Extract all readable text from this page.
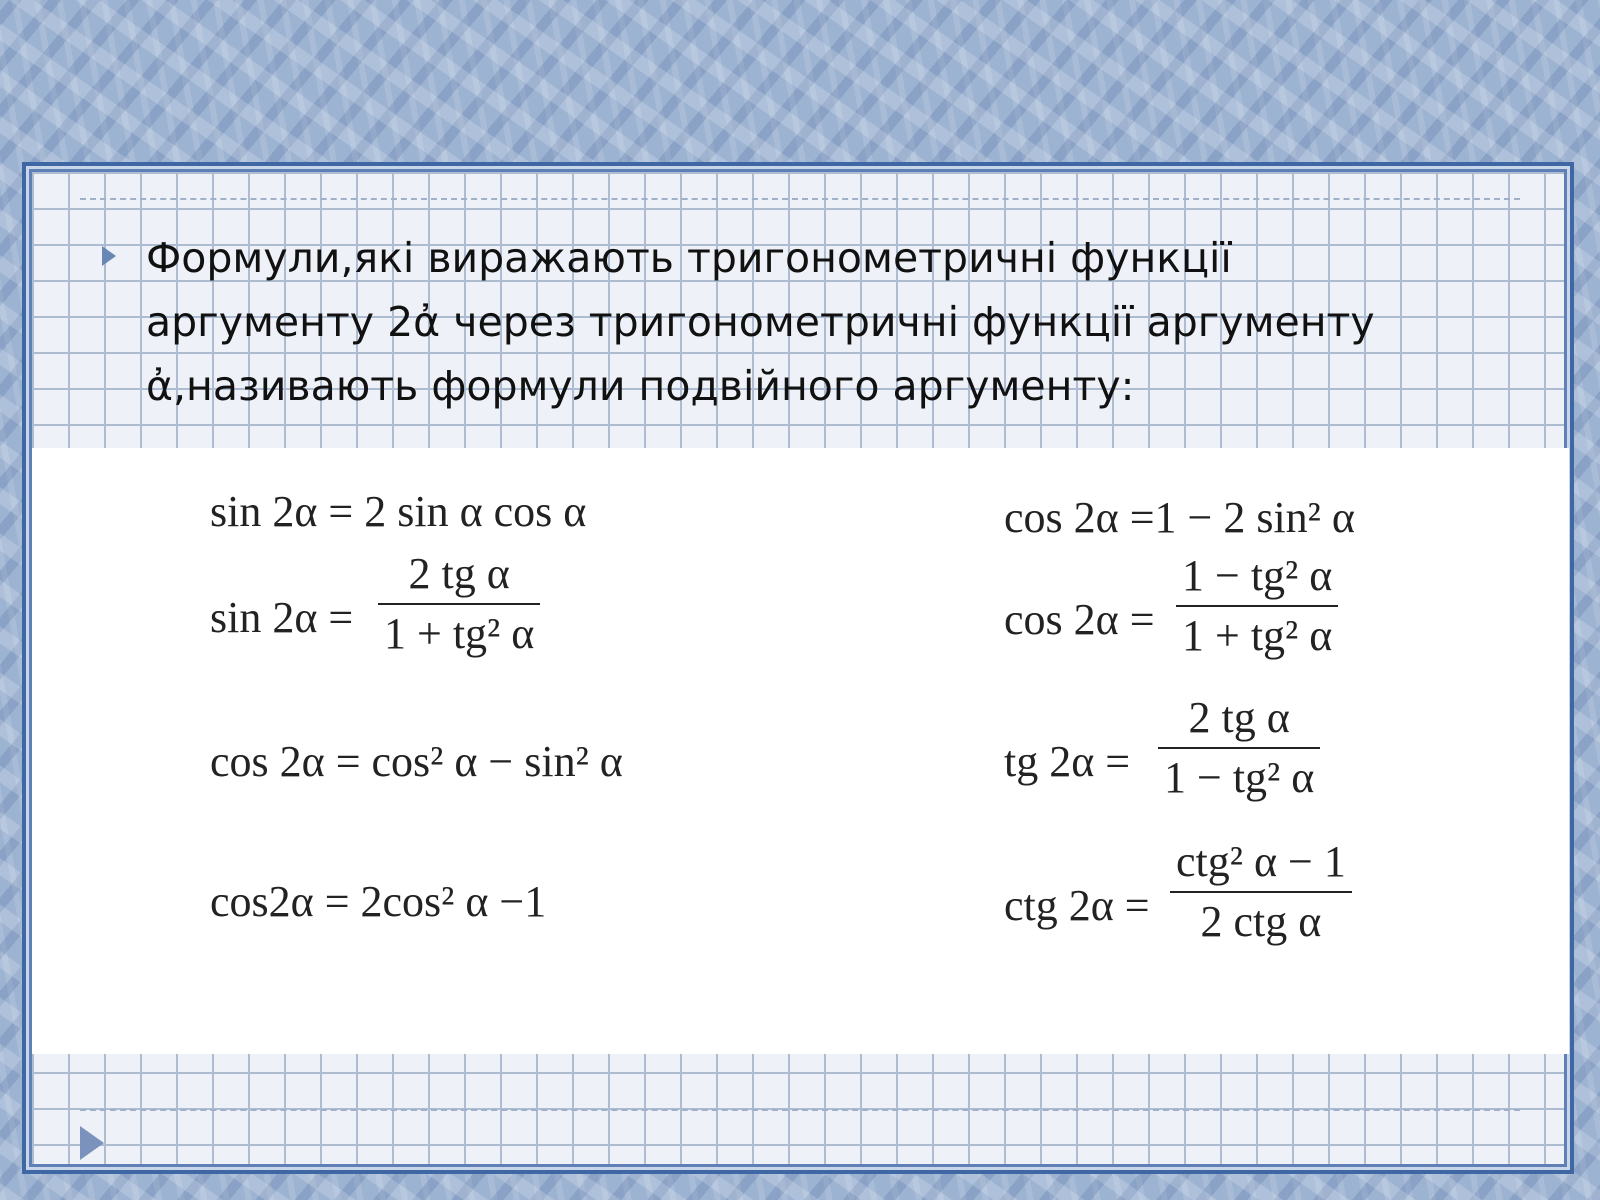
Формули,які виражають тригонометричні функції
аргументу 2ἀ через тригонометричні функції аргументу
ἀ,називають формули подвійного аргументу:

sin 2α = 2 sin α cos α
sin 2α =
2 tg α
1 + tg² α
cos 2α = cos² α − sin² α
cos2α = 2cos² α −1
cos 2α =1 − 2 sin² α
cos 2α =
1 − tg² α
1 + tg² α
tg 2α =
2 tg α
1 − tg² α
ctg 2α =
ctg² α − 1
2 ctg α
